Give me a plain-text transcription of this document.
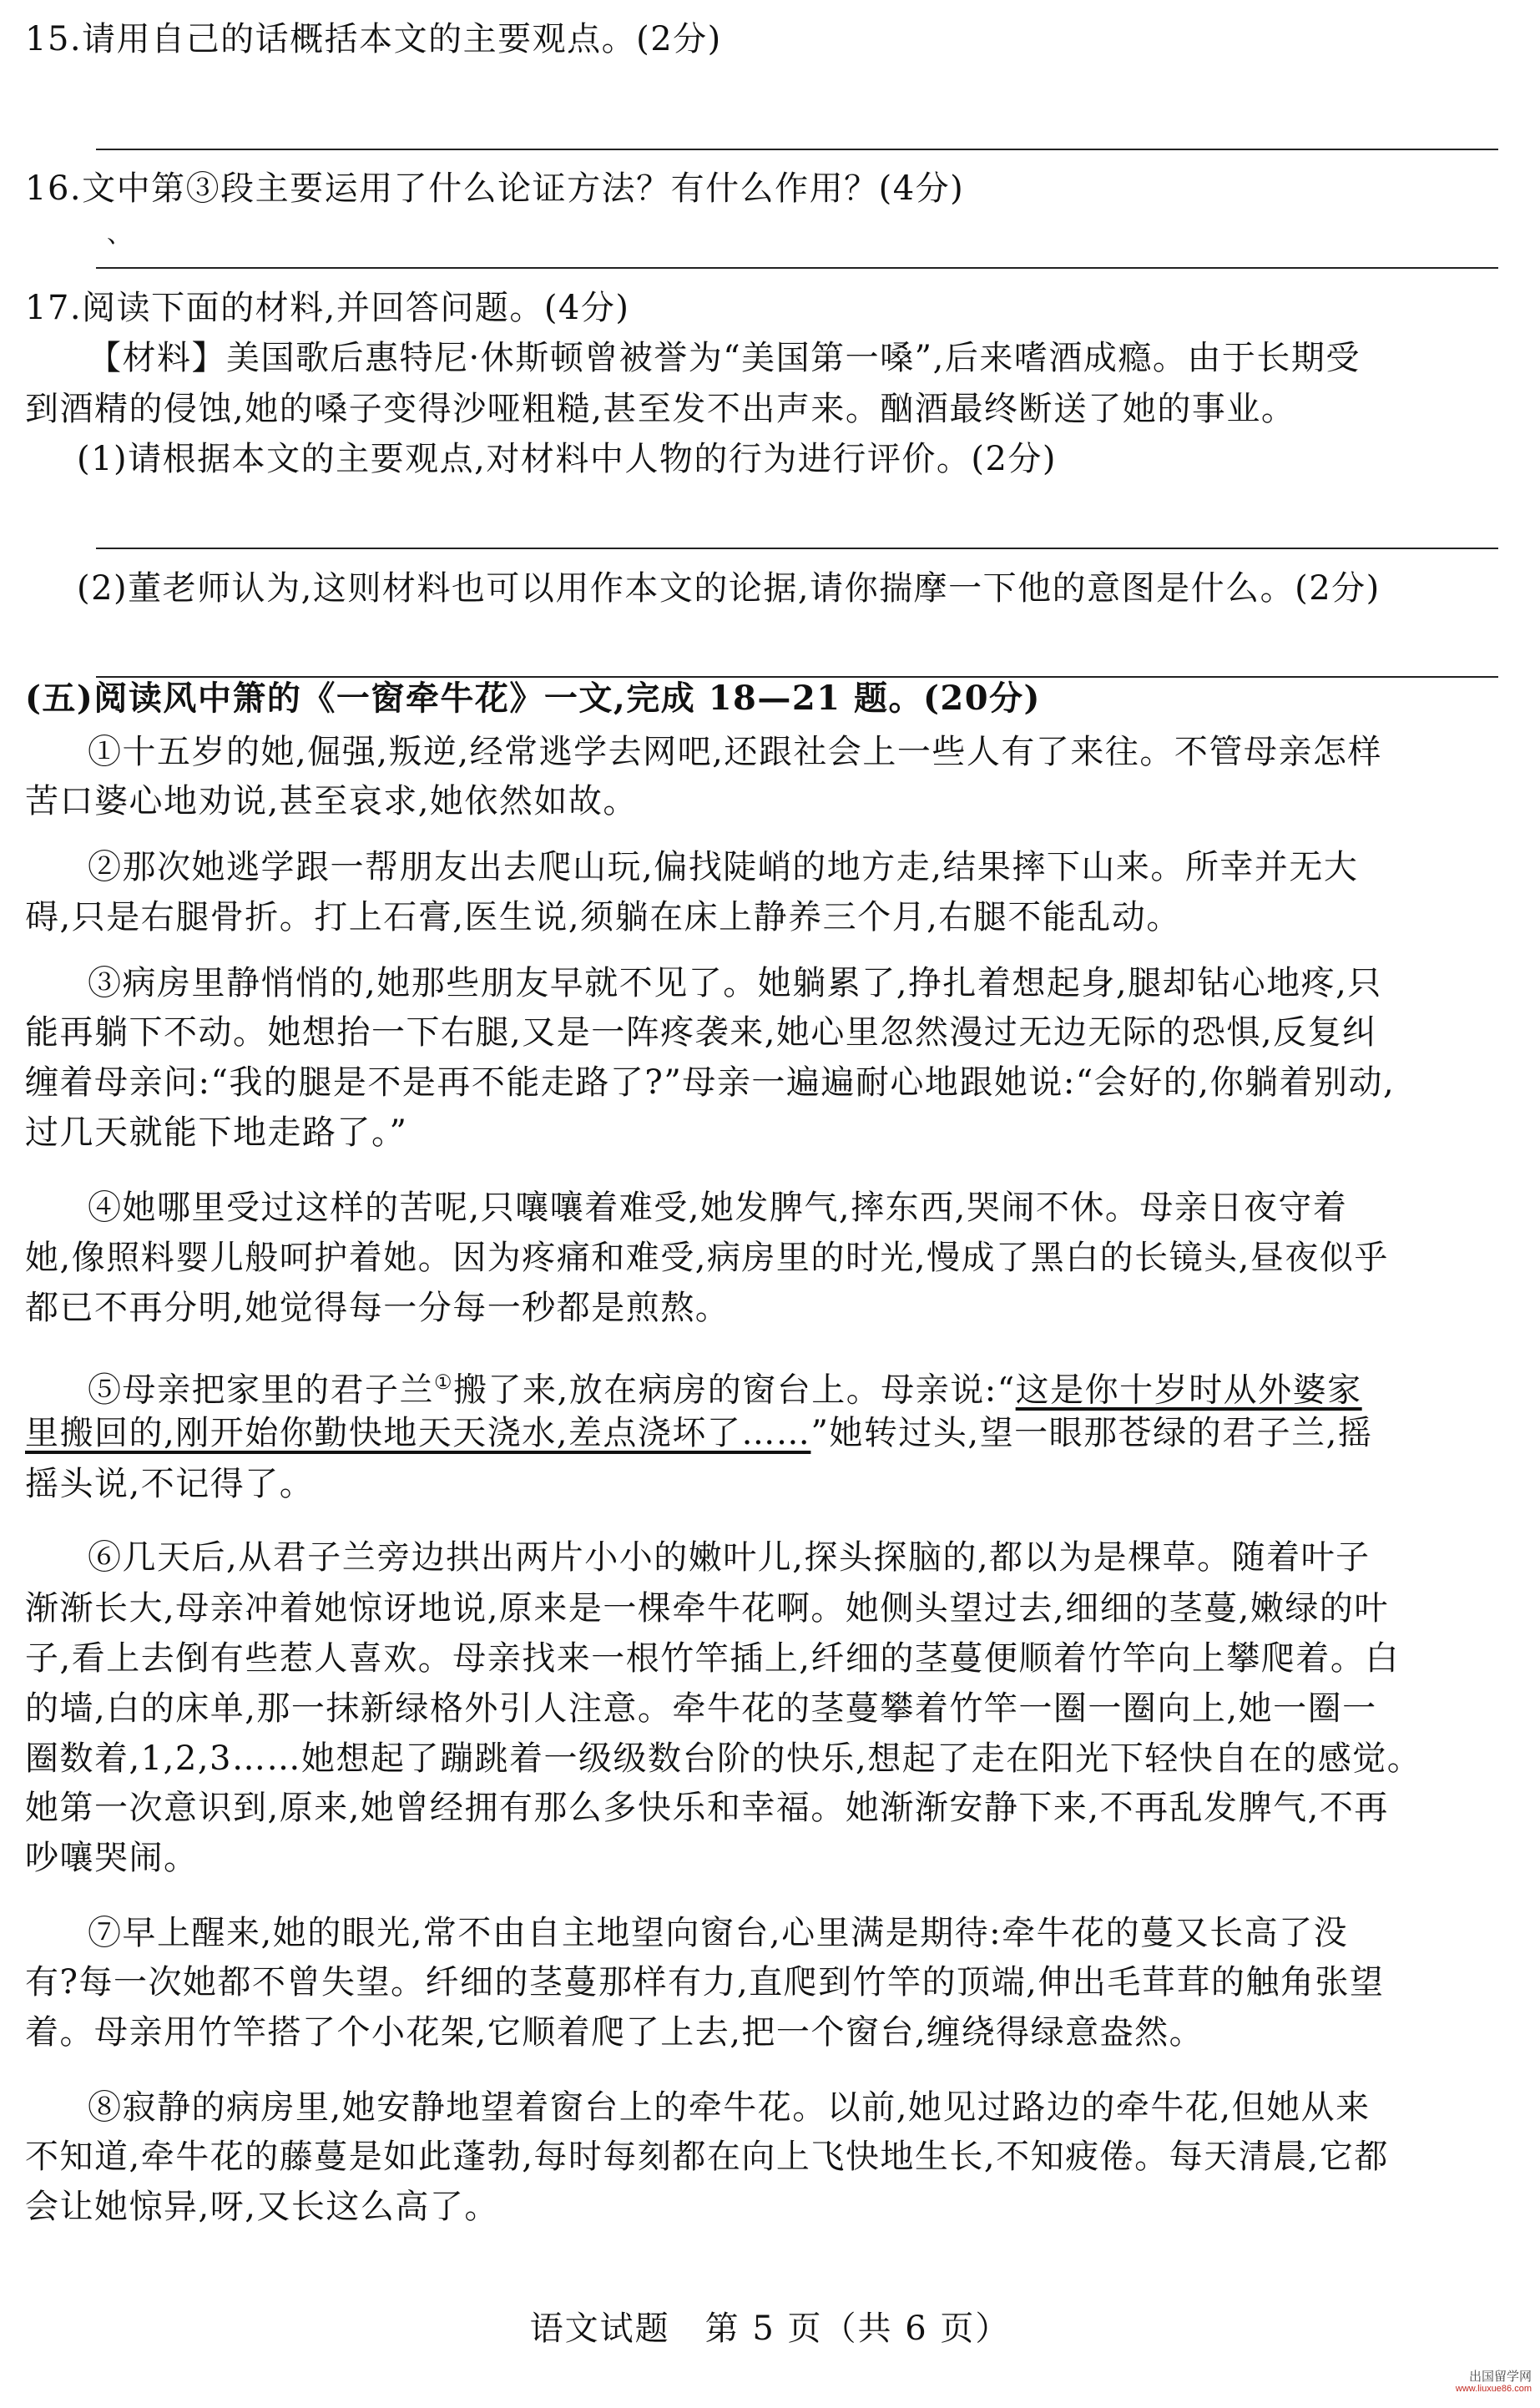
15.请用自己的话概括本文的主要观点。(2分)
16.文中第③段主要运用了什么论证方法？有什么作用？(4分)
、
17.阅读下面的材料,并回答问题。(4分)
【材料】美国歌后惠特尼·休斯顿曾被誉为“美国第一嗓”,后来嗜酒成瘾。由于长期受
到酒精的侵蚀,她的嗓子变得沙哑粗糙,甚至发不出声来。酗酒最终断送了她的事业。
(1)请根据本文的主要观点,对材料中人物的行为进行评价。(2分)
(2)董老师认为,这则材料也可以用作本文的论据,请你揣摩一下他的意图是什么。(2分)
(五)阅读风中箫的《一窗牵牛花》一文,完成 18—21 题。(20分)
①十五岁的她,倔强,叛逆,经常逃学去网吧,还跟社会上一些人有了来往。不管母亲怎样
苦口婆心地劝说,甚至哀求,她依然如故。
②那次她逃学跟一帮朋友出去爬山玩,偏找陡峭的地方走,结果摔下山来。所幸并无大
碍,只是右腿骨折。打上石膏,医生说,须躺在床上静养三个月,右腿不能乱动。
③病房里静悄悄的,她那些朋友早就不见了。她躺累了,挣扎着想起身,腿却钻心地疼,只
能再躺下不动。她想抬一下右腿,又是一阵疼袭来,她心里忽然漫过无边无际的恐惧,反复纠
缠着母亲问:“我的腿是不是再不能走路了?”母亲一遍遍耐心地跟她说:“会好的,你躺着别动,
过几天就能下地走路了。”
④她哪里受过这样的苦呢,只嚷嚷着难受,她发脾气,摔东西,哭闹不休。母亲日夜守着
她,像照料婴儿般呵护着她。因为疼痛和难受,病房里的时光,慢成了黑白的长镜头,昼夜似乎
都已不再分明,她觉得每一分每一秒都是煎熬。
⑤母亲把家里的君子兰①搬了来,放在病房的窗台上。母亲说:“这是你十岁时从外婆家
里搬回的,刚开始你勤快地天天浇水,差点浇坏了……”她转过头,望一眼那苍绿的君子兰,摇
摇头说,不记得了。
⑥几天后,从君子兰旁边拱出两片小小的嫩叶儿,探头探脑的,都以为是棵草。随着叶子
渐渐长大,母亲冲着她惊讶地说,原来是一棵牵牛花啊。她侧头望过去,细细的茎蔓,嫩绿的叶
子,看上去倒有些惹人喜欢。母亲找来一根竹竿插上,纤细的茎蔓便顺着竹竿向上攀爬着。白
的墙,白的床单,那一抹新绿格外引人注意。牵牛花的茎蔓攀着竹竿一圈一圈向上,她一圈一
圈数着,1,2,3……她想起了蹦跳着一级级数台阶的快乐,想起了走在阳光下轻快自在的感觉。
她第一次意识到,原来,她曾经拥有那么多快乐和幸福。她渐渐安静下来,不再乱发脾气,不再
吵嚷哭闹。
⑦早上醒来,她的眼光,常不由自主地望向窗台,心里满是期待:牵牛花的蔓又长高了没
有?每一次她都不曾失望。纤细的茎蔓那样有力,直爬到竹竿的顶端,伸出毛茸茸的触角张望
着。母亲用竹竿搭了个小花架,它顺着爬了上去,把一个窗台,缠绕得绿意盎然。
⑧寂静的病房里,她安静地望着窗台上的牵牛花。以前,她见过路边的牵牛花,但她从来
不知道,牵牛花的藤蔓是如此蓬勃,每时每刻都在向上飞快地生长,不知疲倦。每天清晨,它都
会让她惊异,呀,又长这么高了。
语文试题　第 5 页（共 6 页）
出国留学网
www.liuxue86.com
